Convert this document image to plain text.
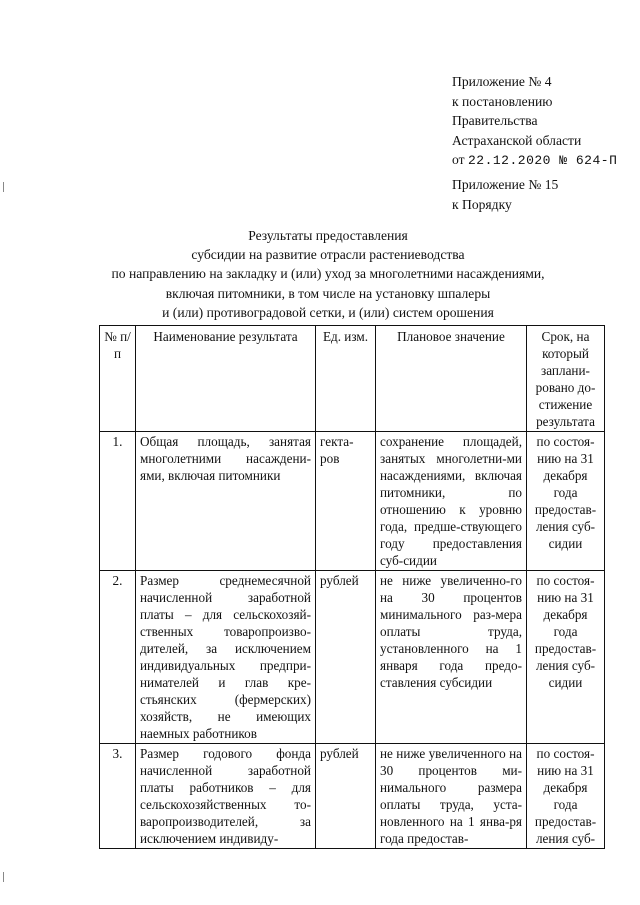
Приложение № 4
к постановлению
Правительства
Астраханской области
от 22.12.2020 № 624-П
Приложение № 15
к Порядку
Результаты предоставления
субсидии на развитие отрасли растениеводства
по направлению на закладку и (или) уход за многолетними насаждениями,
включая питомники, в том числе на установку шпалеры
и (или) противоградовой сетки, и (или) систем орошения
№ п/п	Наименование результата	Ед. изм.	Плановое значение	Срок, на который заплани-рованo до-стижение результата
1.	Общая площадь, занятая многолетними насаждени-ями, включая питомники	гекта-ров	сохранение площадей, занятых многолетни-ми насаждениями, включая питомники, по отношению к уровню года, предше-ствующего году предоставления суб-сидии	по состоя-нию на 31 декабря года предостав-ления суб-сидии
2.	Размер среднемесячной начисленной заработной платы – для сельскохозяй-ственных товаропроизво-дителей, за исключением индивидуальных предпри-нимателей и глав кре-стьянских (фермерских) хозяйств, не имеющих наемных работников	рублей	не ниже увеличенно-го на 30 процентов минимального раз-мера оплаты труда, установленного на 1 января года предо-ставления субсидии	по состоя-нию на 31 декабря года предостав-ления суб-сидии
3.	Размер годового фонда начисленной заработной платы работников – для сельскохозяйственных то-варопроизводителей, за исключением индивиду-	рублей	не ниже увеличенного на 30 процентов ми-нимального размера оплаты труда, уста-новленного на 1 янва-ря года предостав-	по состоя-нию на 31 декабря года предостав-ления суб-
